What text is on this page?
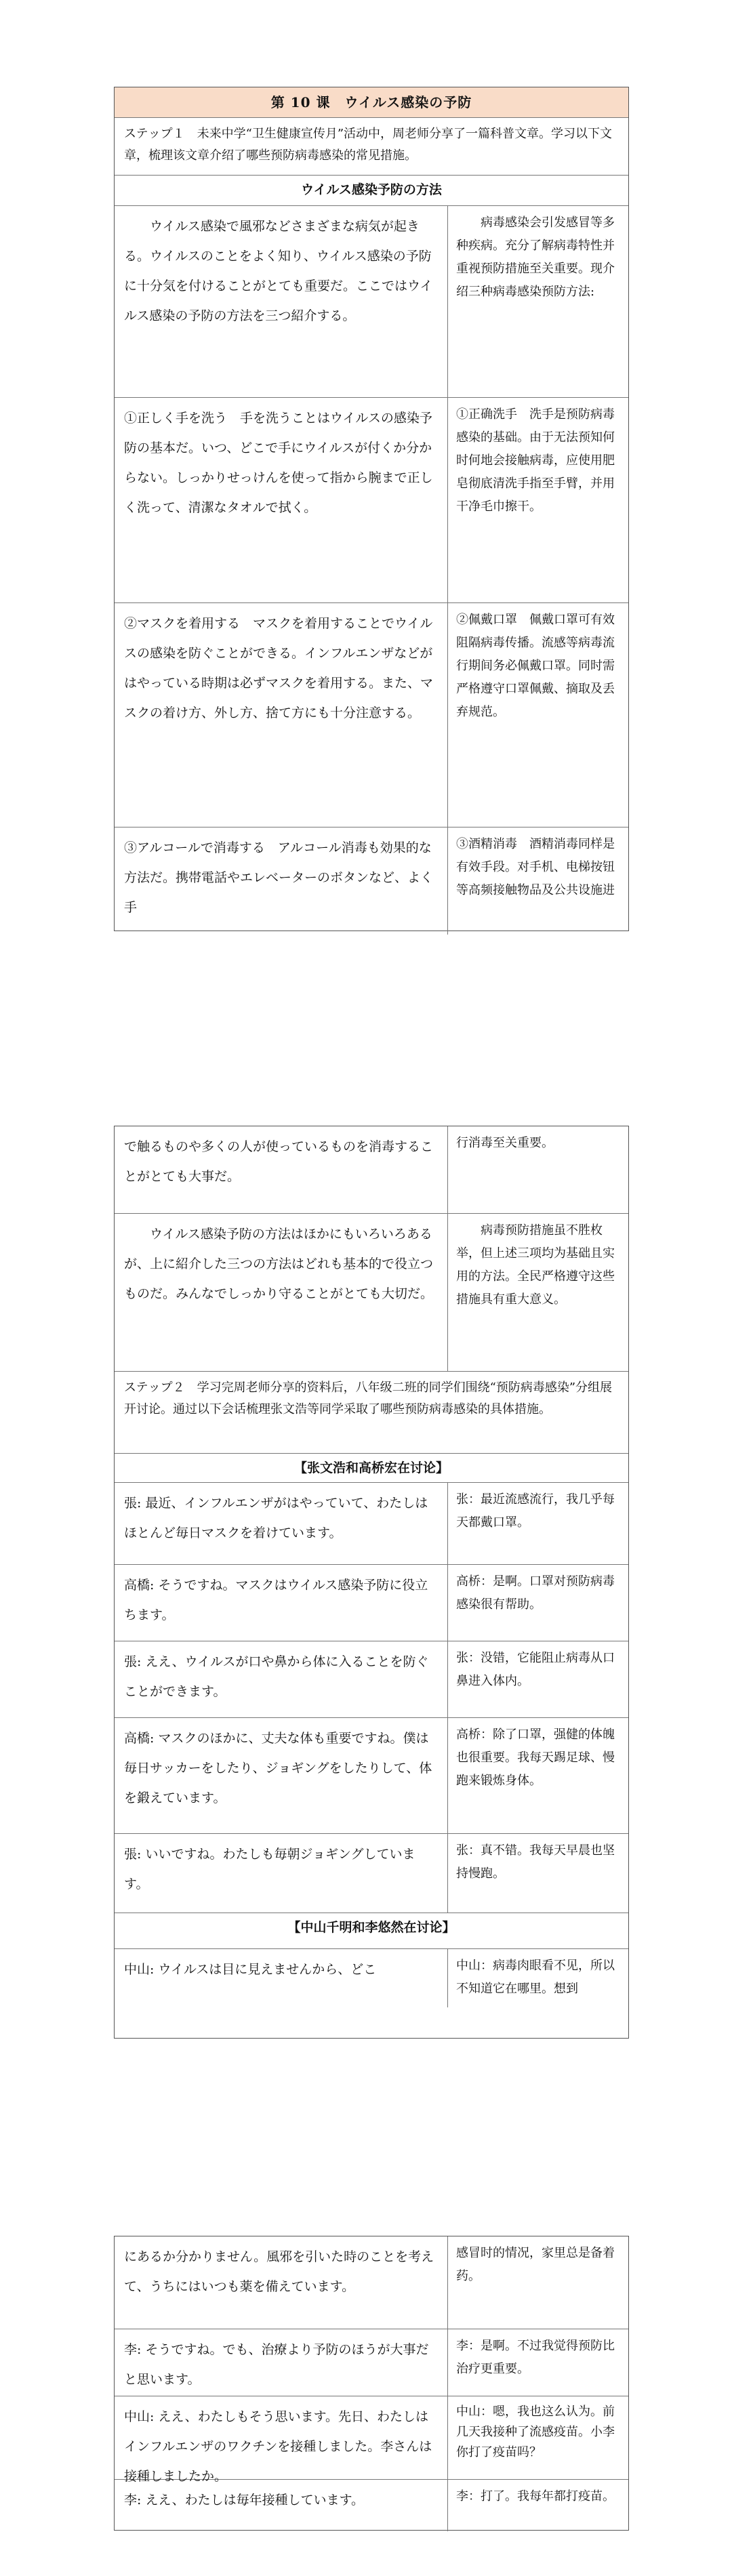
第 10 课　ウイルス感染の予防
ステップ１　未来中学“卫生健康宣传月”活动中，周老师分享了一篇科普文章。学习以下文章，梳理该文章介绍了哪些预防病毒感染的常见措施。
ウイルス感染予防の方法
ウイルス感染で風邪などさまざまな病気が起きる。ウイルスのことをよく知り、ウイルス感染の予防に十分気を付けることがとても重要だ。ここではウイルス感染の予防の方法を三つ紹介する。
病毒感染会引发感冒等多种疾病。充分了解病毒特性并重视预防措施至关重要。现介绍三种病毒感染预防方法:
①正しく手を洗う　手を洗うことはウイルスの感染予防の基本だ。いつ、どこで手にウイルスが付くか分からない。しっかりせっけんを使って指から腕まで正しく洗って、清潔なタオルで拭く。
①正确洗手　洗手是预防病毒感染的基础。由于无法预知何时何地会接触病毒，应使用肥皂彻底清洗手指至手臂，并用干净毛巾擦干。
②マスクを着用する　マスクを着用することでウイルスの感染を防ぐことができる。インフルエンザなどがはやっている時期は必ずマスクを着用する。また、マスクの着け方、外し方、捨て方にも十分注意する。
②佩戴口罩　佩戴口罩可有效阻隔病毒传播。流感等病毒流行期间务必佩戴口罩。同时需严格遵守口罩佩戴、摘取及丢弃规范。
③アルコールで消毒する　アルコール消毒も効果的な方法だ。携帯電話やエレベーターのボタンなど、よく手
③酒精消毒　酒精消毒同样是有效手段。对手机、电梯按钮等高频接触物品及公共设施进
で触るものや多くの人が使っているものを消毒することがとても大事だ。
行消毒至关重要。
ウイルス感染予防の方法はほかにもいろいろあるが、上に紹介した三つの方法はどれも基本的で役立つものだ。みんなでしっかり守ることがとても大切だ。
病毒预防措施虽不胜枚举，但上述三项均为基础且实用的方法。全民严格遵守这些措施具有重大意义。
ステップ２　学习完周老师分享的资料后，八年级二班的同学们围绕“预防病毒感染”分组展开讨论。通过以下会话梳理张文浩等同学采取了哪些预防病毒感染的具体措施。
【张文浩和高桥宏在讨论】
張: 最近、インフルエンザがはやっていて、わたしはほとんど毎日マスクを着けています。
张：最近流感流行，我几乎每天都戴口罩。
高橋: そうですね。マスクはウイルス感染予防に役立ちます。
高桥：是啊。口罩对预防病毒感染很有帮助。
張: ええ、ウイルスが口や鼻から体に入ることを防ぐことができます。
张：没错，它能阻止病毒从口鼻进入体内。
高橋: マスクのほかに、丈夫な体も重要ですね。僕は毎日サッカーをしたり、ジョギングをしたりして、体を鍛えています。
高桥：除了口罩，强健的体魄也很重要。我每天踢足球、慢跑来锻炼身体。
張: いいですね。わたしも毎朝ジョギングしています。
张：真不错。我每天早晨也坚持慢跑。
【中山千明和李悠然在讨论】
中山: ウイルスは目に見えませんから、どこ	中山：病毒肉眼看不见，所以不知道它在哪里。想到
にあるか分かりません。風邪を引いた時のことを考えて、うちにはいつも薬を備えています。
感冒时的情况，家里总是备着药。
李: そうですね。でも、治療より予防のほうが大事だと思います。
李：是啊。不过我觉得预防比治疗更重要。
中山: ええ、わたしもそう思います。先日、わたしはインフルエンザのワクチンを接種しました。李さんは接種しましたか。
中山：嗯，我也这么认为。前几天我接种了流感疫苗。小李你打了疫苗吗？
李: ええ、わたしは毎年接種しています。	李：打了。我每年都打疫苗。
